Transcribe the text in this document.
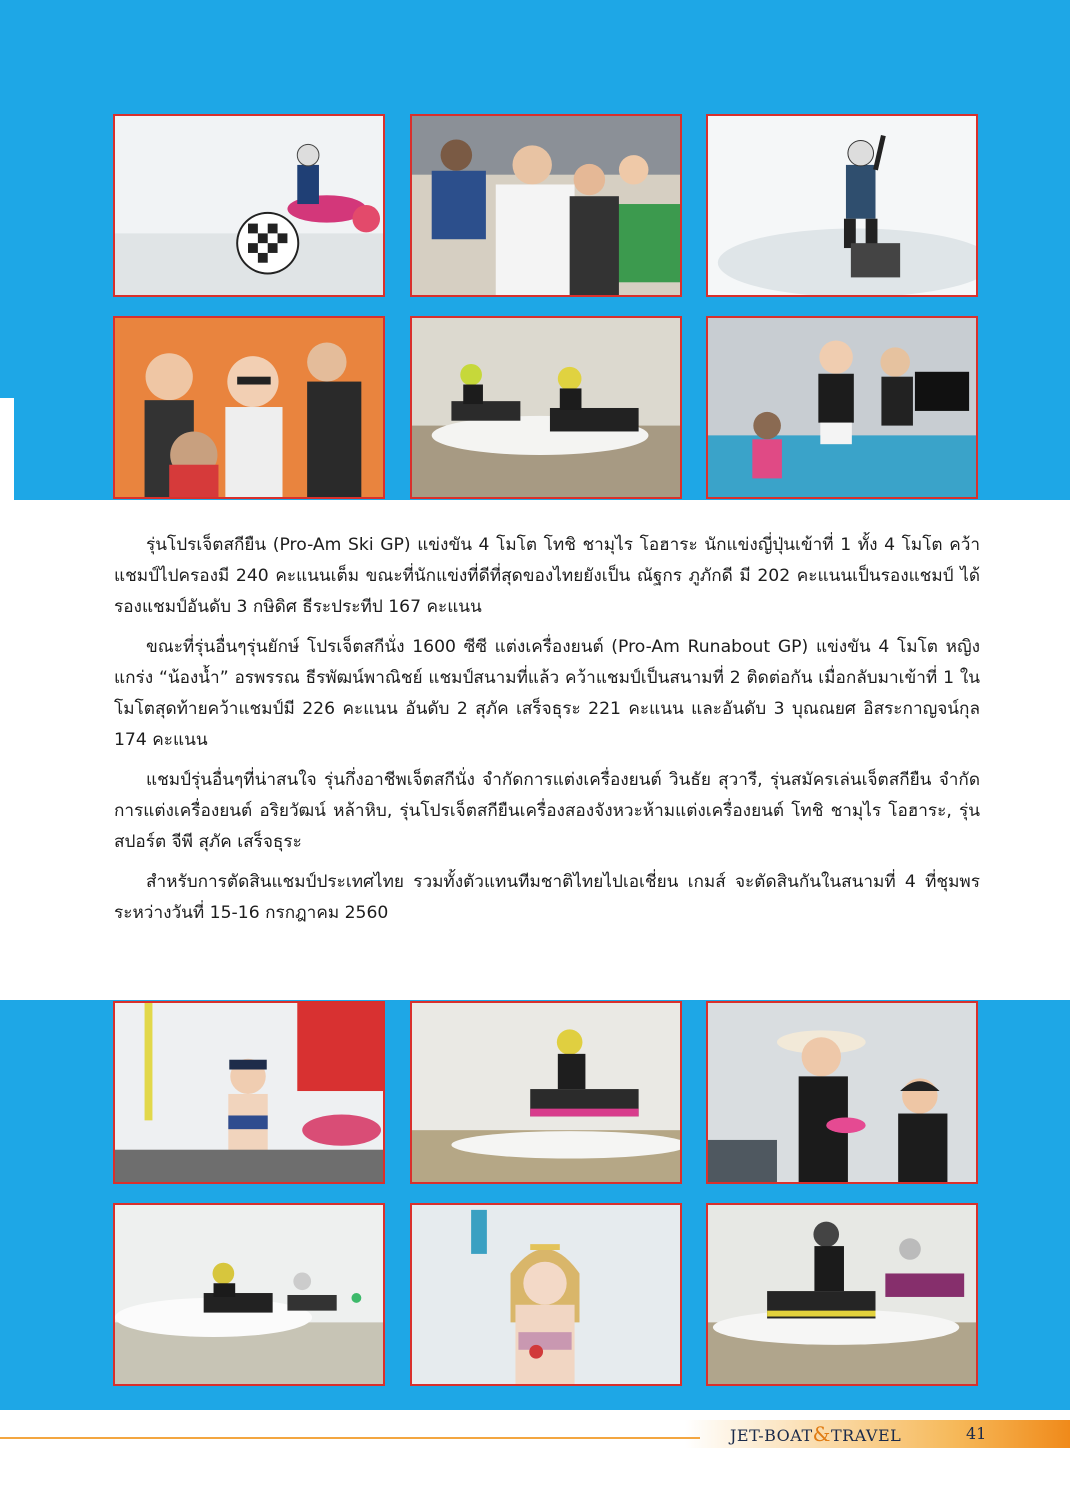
รุ่นโปรเจ็ตสกียืน (Pro-Am Ski GP) แข่งขัน 4 โมโต โทชิ ชามุไร โอฮาระ นักแข่งญี่ปุ่นเข้าที่ 1 ทั้ง 4 โมโต คว้าแชมป์ไปครองมี 240 คะแนนเต็ม ขณะที่นักแข่งที่ดีที่สุดของไทยยังเป็น ณัฐกร ภูภักดี มี 202 คะแนนเป็นรองแชมป์ ได้รองแชมป์อันดับ 3 กษิดิศ ธีระประทีป 167 คะแนน

ขณะที่รุ่นอื่นๆรุ่นยักษ์ โปรเจ็ตสกีนั่ง 1600 ซีซี แต่งเครื่องยนต์ (Pro-Am Runabout GP) แข่งขัน 4 โมโต หญิงแกร่ง “น้องน้ำ” อรพรรณ ธีรพัฒน์พาณิชย์ แชมป์สนามที่แล้ว คว้าแชมป์เป็นสนามที่ 2 ติดต่อกัน เมื่อกลับมาเข้าที่ 1 ในโมโตสุดท้ายคว้าแชมป์มี 226 คะแนน อันดับ 2 สุภัค เสร็จธุระ 221 คะแนน และอันดับ 3 บุณณยศ อิสระกาญจน์กุล 174 คะแนน

แชมป์รุ่นอื่นๆที่น่าสนใจ รุ่นกึ่งอาชีพเจ็ตสกีนั่ง จำกัดการแต่งเครื่องยนต์ วินธัย สุวารี, รุ่นสมัครเล่นเจ็ตสกียืน จำกัดการแต่งเครื่องยนต์ อริยวัฒน์ หล้าหิบ, รุ่นโปรเจ็ตสกียืนเครื่องสองจังหวะห้ามแต่งเครื่องยนต์ โทชิ ชามุไร โอฮาระ, รุ่นสปอร์ต จีพี สุภัค เสร็จธุระ

สำหรับการตัดสินแชมป์ประเทศไทย รวมทั้งตัวแทนทีมชาติไทยไปเอเชี่ยน เกมส์ จะตัดสินกันในสนามที่ 4 ที่ชุมพรระหว่างวันที่ 15-16 กรกฎาคม 2560

JET-BOAT&TRAVEL	41
